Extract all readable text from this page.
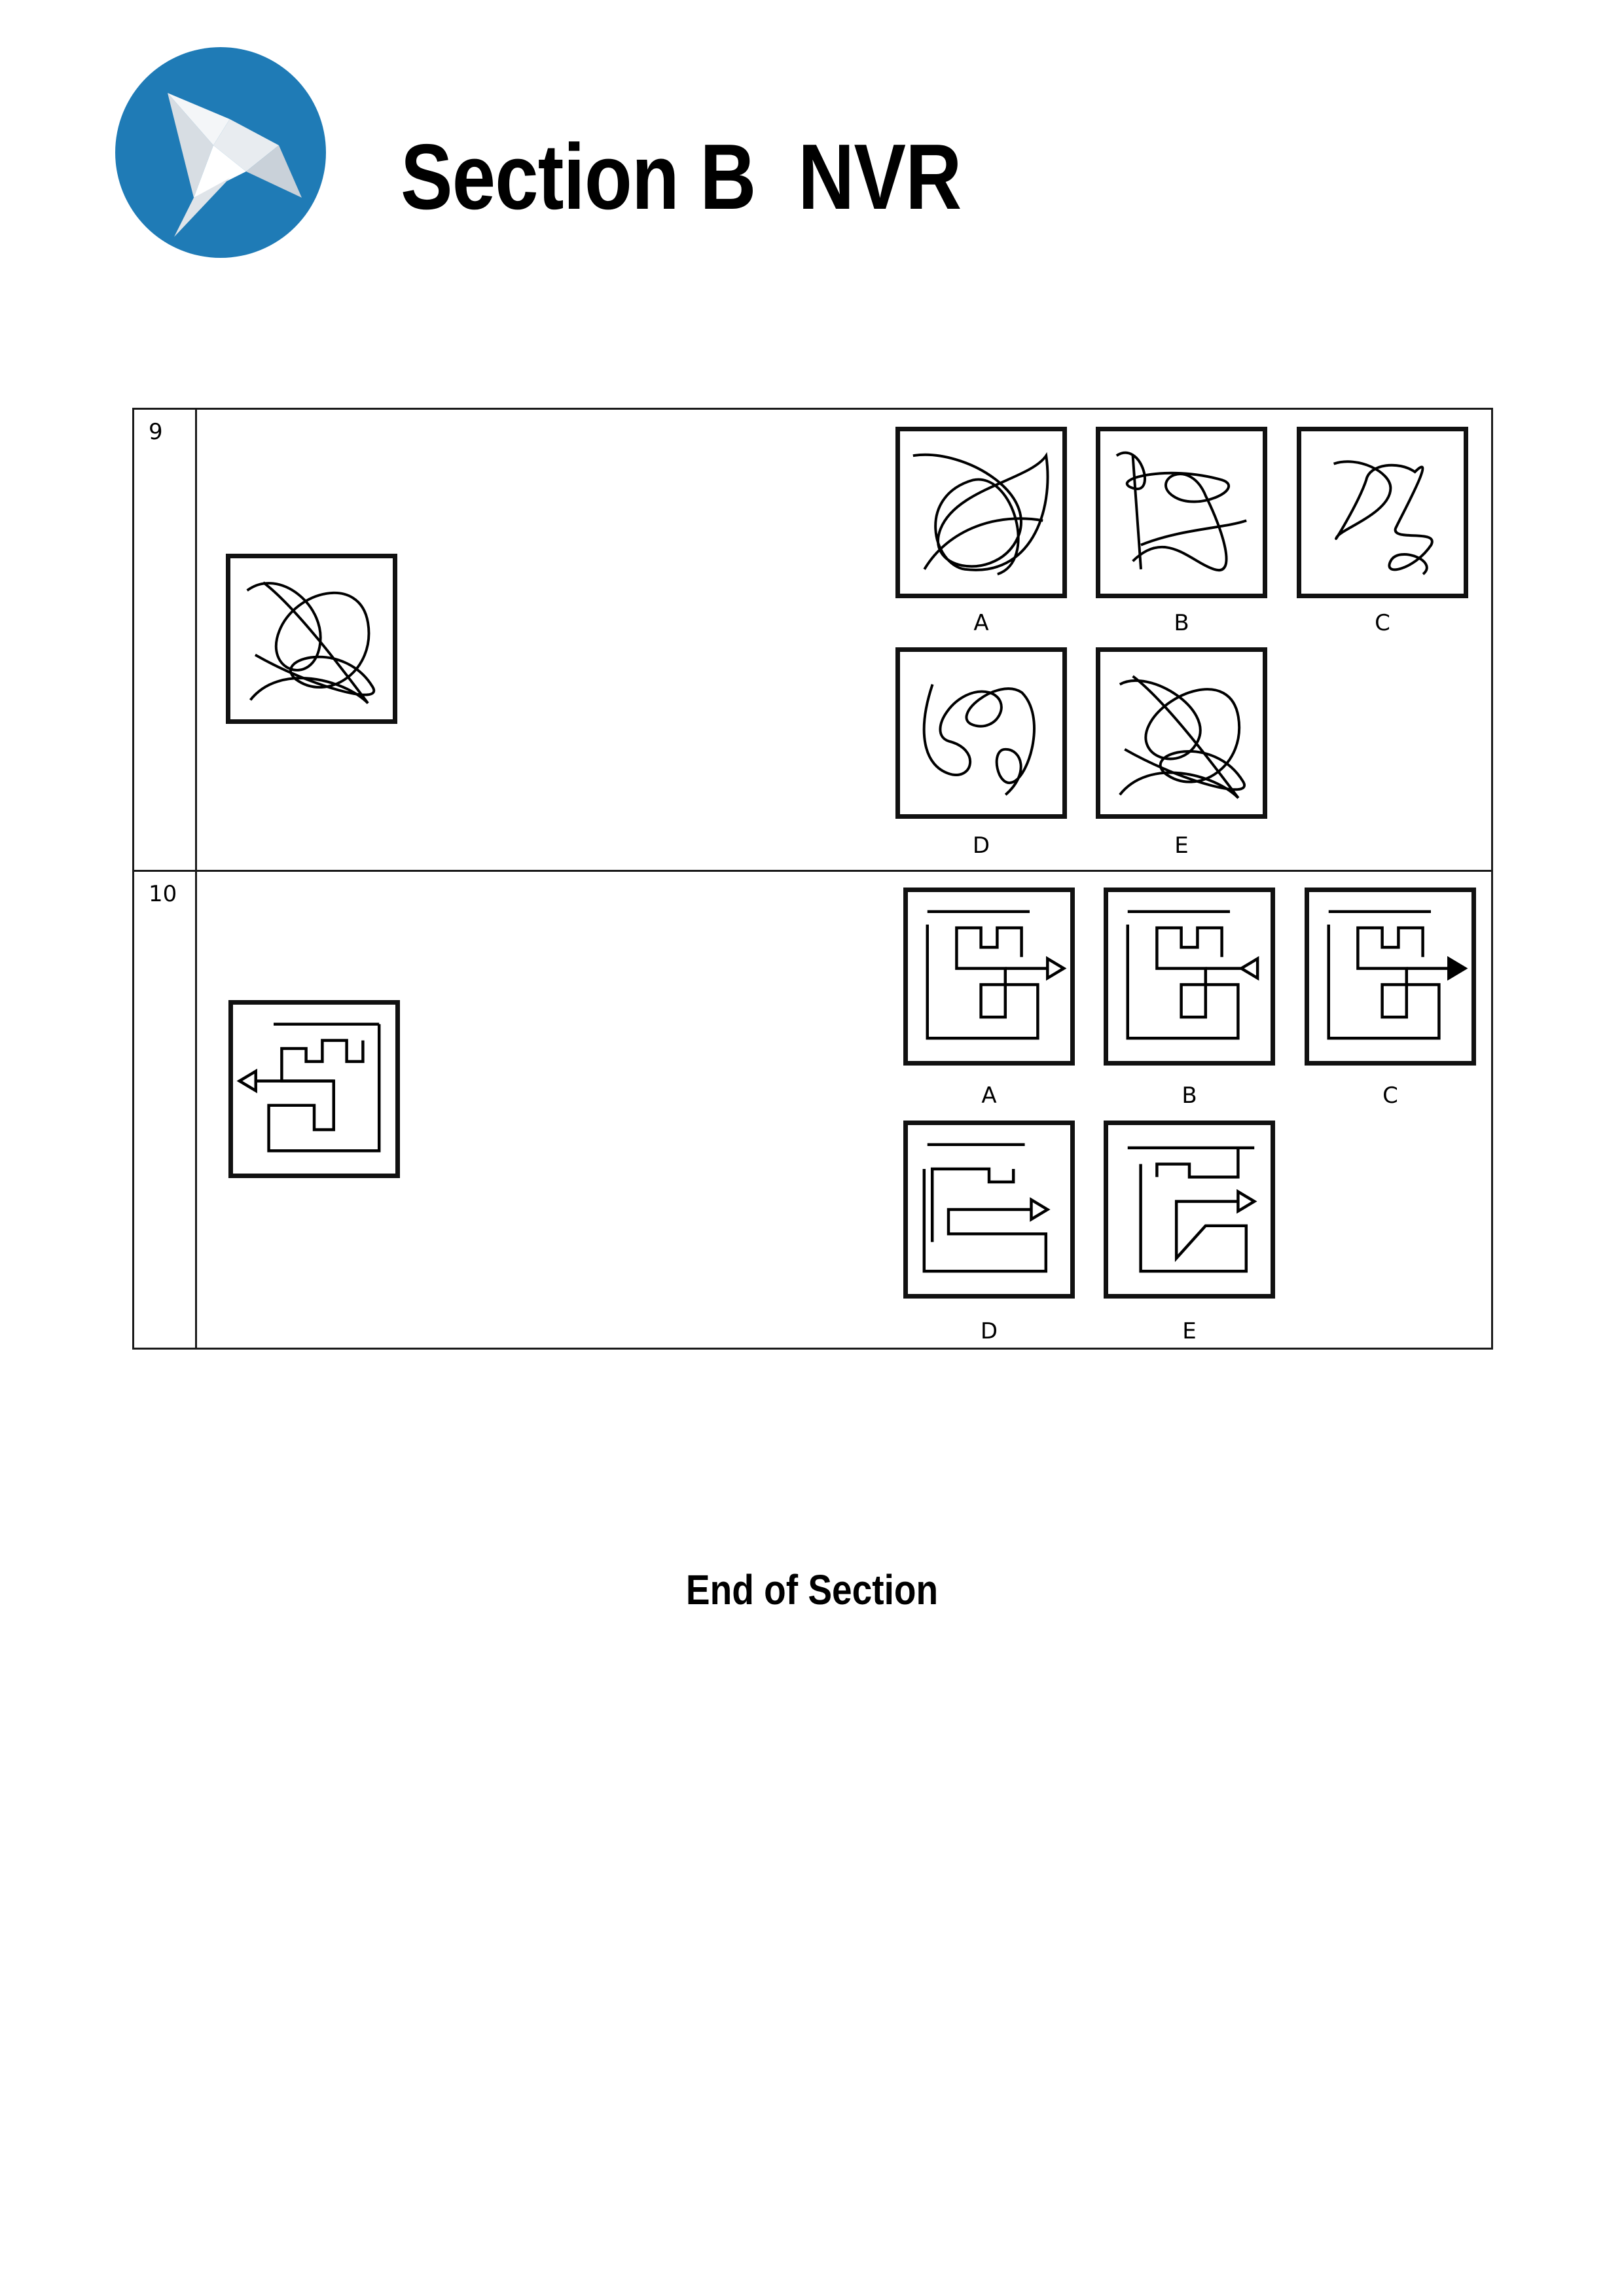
Section B  NVR
9
A	B	C
D	E
10
A	B	C
D	E
End of Section
